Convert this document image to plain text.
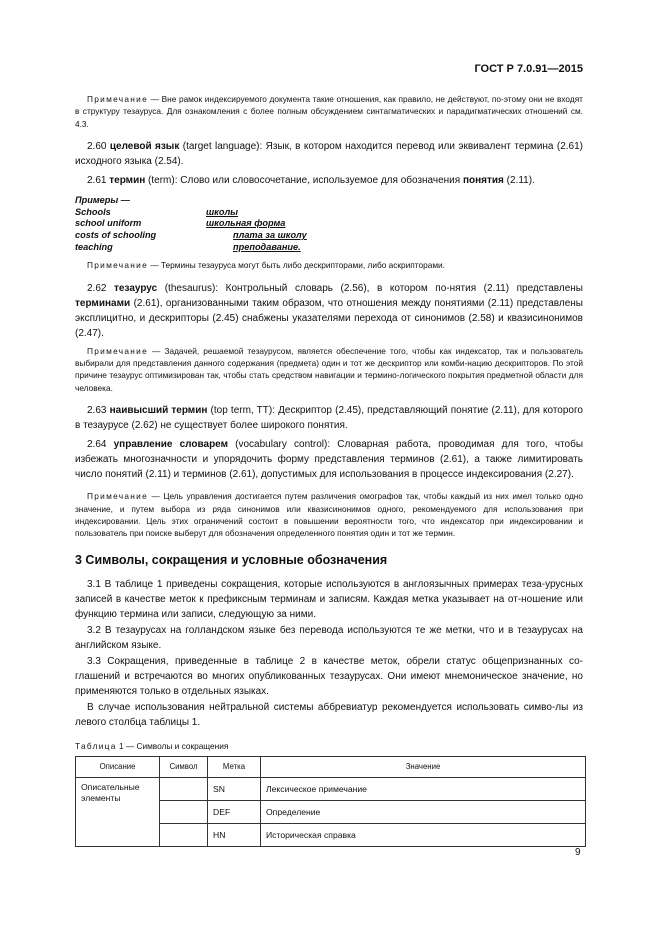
ГОСТ Р 7.0.91—2015

Примечание — Вне рамок индексируемого документа такие отношения, как правило, не действуют, по-этому они не входят в структуру тезауруса. Для ознакомления с более полным обсуждением синтагматических и парадигматических отношений см. 4.3.

2.60 целевой язык (target language): Язык, в котором находится перевод или эквивалент термина (2.61) исходного языка (2.54).

2.61 термин (term): Слово или словосочетание, используемое для обозначения понятия (2.11).

Примеры —
Schools	школы
school uniform	школьная форма
costs of schooling	плата за школу
teaching	преподавание.

Примечание — Термины тезауруса могут быть либо дескрипторами, либо аскрипторами.

2.62 тезаурус (thesaurus): Контрольный словарь (2.56), в котором по-нятия (2.11) представлены терминами (2.61), организованными таким образом, что отношения между понятиями (2.11) представлены эксплицитно, и дескрипторы (2.45) снабжены указателями перехода от синонимов (2.58) и квазисинонимов (2.47).

Примечание — Задачей, решаемой тезаурусом, является обеспечение того, чтобы как индексатор, так и пользователь выбирали для представления данного содержания (предмета) один и тот же дескриптор или комби-нацию дескрипторов. По этой причине тезаурус оптимизирован так, чтобы стать средством навигации и термино-логического покрытия предметной области для человека.

2.63 наивысший термин (top term, TT): Дескриптор (2.45), представляющий понятие (2.11), для которого в тезаурусе (2.62) не существует более широкого понятия.

2.64 управление словарем (vocabulary control): Словарная работа, проводимая для того, чтобы избежать многозначности и упорядочить форму представления терминов (2.61), а также лимитировать число понятий (2.11) и терминов (2.61), допустимых для использования в процессе индексирования (2.27).

Примечание — Цель управления достигается путем различения омографов так, чтобы каждый из них имел только одно значение, и путем выбора из ряда синонимов или квазисинонимов одного, рекомендуемого для использования при индексировании. Цель этих ограничений состоит в повышении вероятности того, что индексатор при индексировании и пользователь при поиске выберут для обозначения определенного понятия один и тот же термин.

3 Символы, сокращения и условные обозначения

3.1 В таблице 1 приведены сокращения, которые используются в англоязычных примерах теза-урусных записей в качестве меток к префиксным терминам и записям. Каждая метка указывает на от-ношение или функцию термина или записи, следующую за ними.

3.2 В тезаурусах на голландском языке без перевода используются те же метки, что и в тезаурусах на английском языке.

3.3 Сокращения, приведенные в таблице 2 в качестве меток, обрели статус общепризнанных со-глашений и встречаются во многих опубликованных тезаурусах. Они имеют мнемоническое значение, но применяются только в отдельных языках.

В случае использования нейтральной системы аббревиатур рекомендуется использовать симво-лы из левого столбца таблицы 1.

Таблица 1 — Символы и сокращения
Описание	Символ	Метка	Значение
Описательные элементы		SN	Лексическое примечание
		DEF	Определение
		HN	Историческая справка
9
